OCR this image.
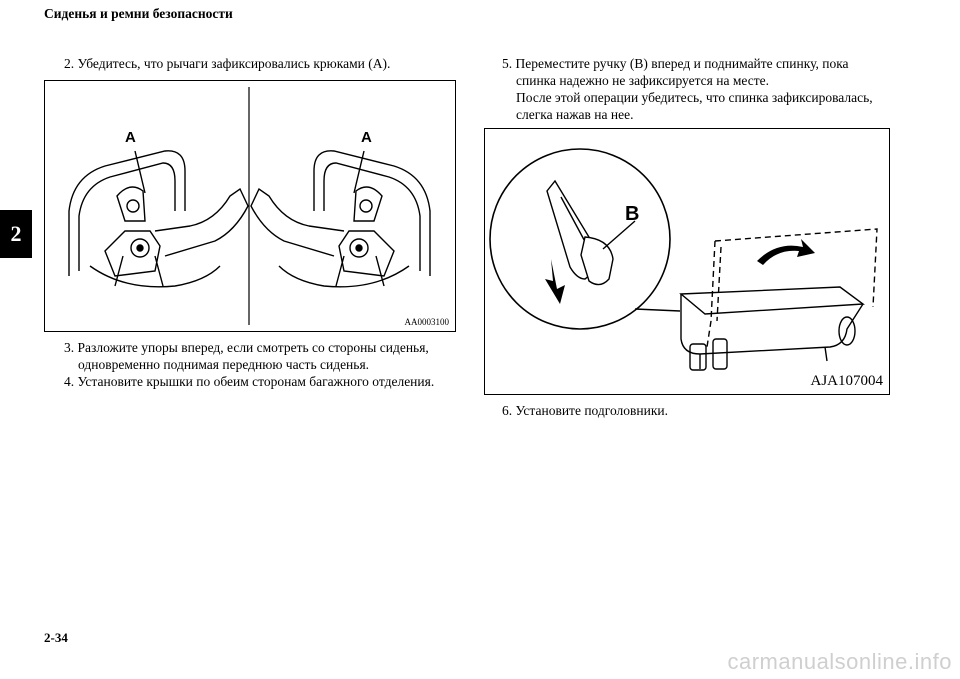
Сиденья и ремни безопасности
2
2. Убедитесь, что рычаги зафиксировались крюками (A).
A	A
AA0003100
3. Разложите упоры вперед, если смотреть со стороны сиденья,
одновременно поднимая переднюю часть сиденья.
4. Установите крышки по обеим сторонам багажного отделения.
5. Переместите ручку (B) вперед и поднимайте спинку, пока
спинка надежно не зафиксируется на месте.
После этой операции убедитесь, что спинка зафиксировалась,
слегка нажав на нее.
B
AJA107004
6. Установите подголовники.
2-34
carmanualsonline.info
